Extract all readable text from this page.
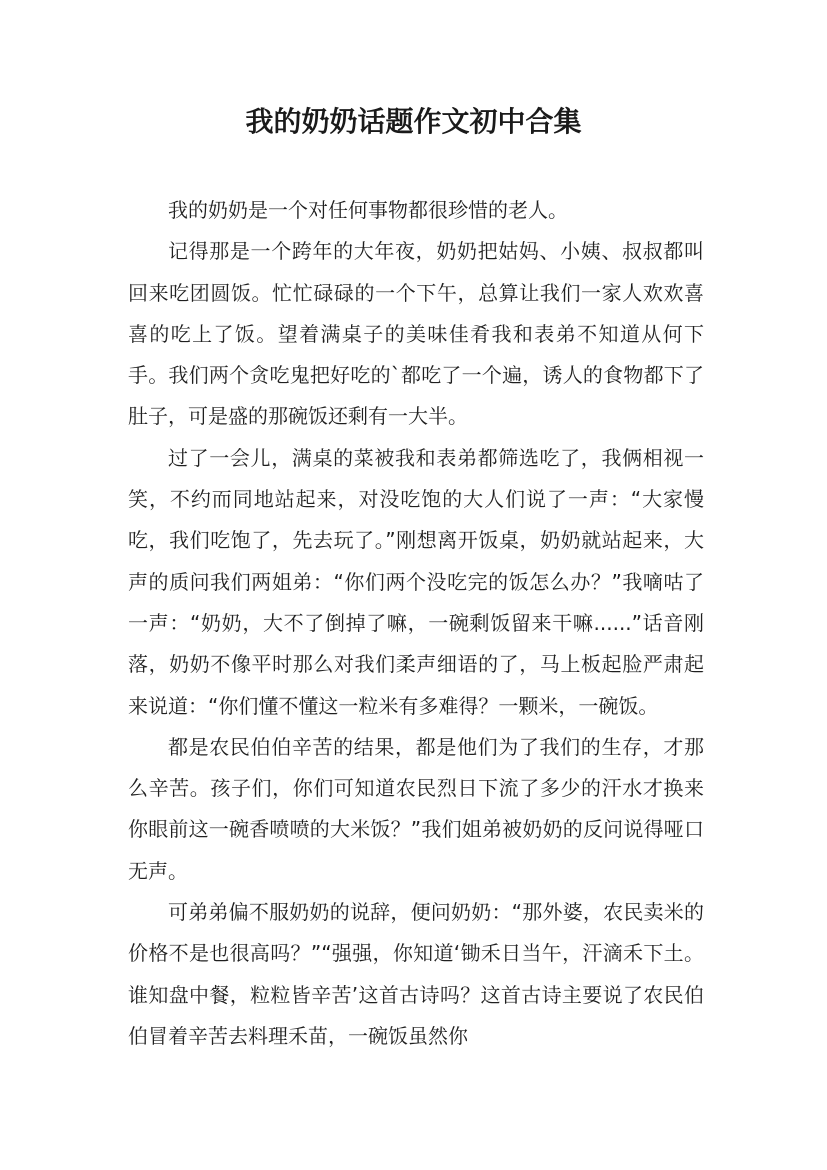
我的奶奶话题作文初中合集

我的奶奶是一个对任何事物都很珍惜的老人。

记得那是一个跨年的大年夜，奶奶把姑妈、小姨、叔叔都叫回来吃团圆饭。忙忙碌碌的一个下午，总算让我们一家人欢欢喜喜的吃上了饭。望着满桌子的美味佳肴我和表弟不知道从何下手。我们两个贪吃鬼把好吃的`都吃了一个遍，诱人的食物都下了肚子，可是盛的那碗饭还剩有一大半。

过了一会儿，满桌的菜被我和表弟都筛选吃了，我俩相视一笑，不约而同地站起来，对没吃饱的大人们说了一声：“大家慢吃，我们吃饱了，先去玩了。”刚想离开饭桌，奶奶就站起来，大声的质问我们两姐弟：“你们两个没吃完的饭怎么办？”我嘀咕了一声：“奶奶，大不了倒掉了嘛，一碗剩饭留来干嘛......”话音刚落，奶奶不像平时那么对我们柔声细语的了，马上板起脸严肃起来说道：“你们懂不懂这一粒米有多难得？一颗米，一碗饭。

都是农民伯伯辛苦的结果，都是他们为了我们的生存，才那么辛苦。孩子们，你们可知道农民烈日下流了多少的汗水才换来你眼前这一碗香喷喷的大米饭？”我们姐弟被奶奶的反问说得哑口无声。

可弟弟偏不服奶奶的说辞，便问奶奶：“那外婆，农民卖米的价格不是也很高吗？”“强强，你知道‘锄禾日当午，汗滴禾下土。谁知盘中餐，粒粒皆辛苦’这首古诗吗？这首古诗主要说了农民伯伯冒着辛苦去料理禾苗，一碗饭虽然你
